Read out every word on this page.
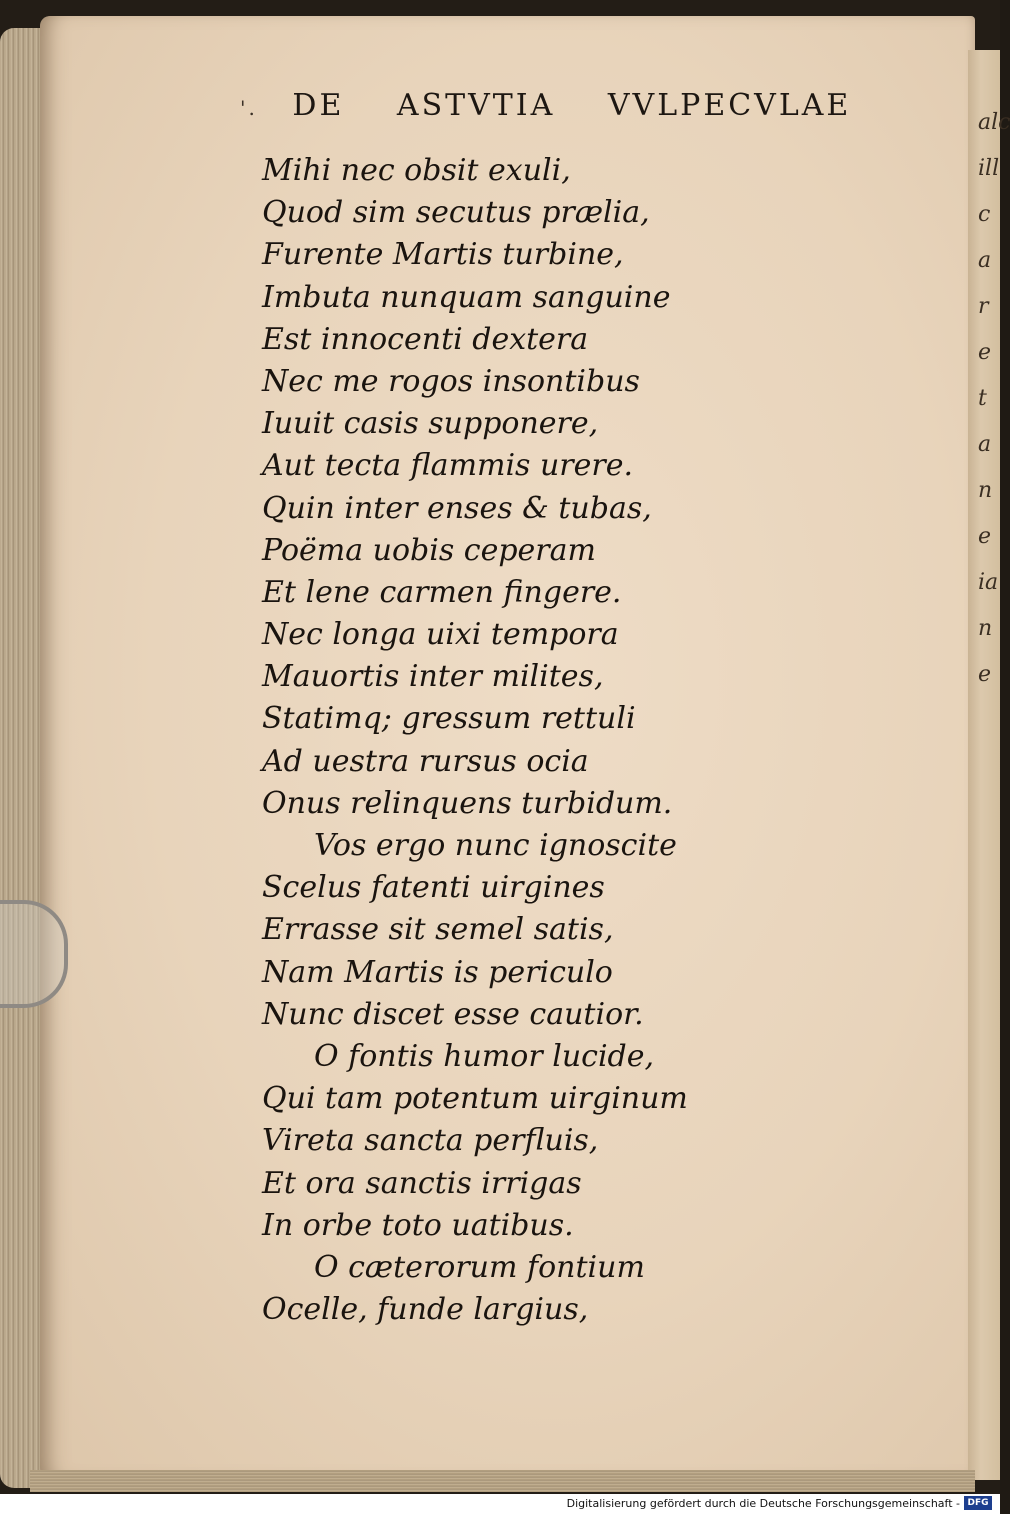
alc
ill
c
a
r
e
t
a
n
e
ia
n
e
'. DE ASTVTIA VVLPECVLAE
Mihi nec obsit exuli,
Quod sim secutus prælia,
Furente Martis turbine,
Imbuta nunquam sanguine
Est innocenti dextera
Nec me rogos insontibus
Iuuit casis supponere,
Aut tecta flammis urere.
Quin inter enses & tubas,
Poëma uobis ceperam
Et lene carmen fingere.
Nec longa uixi tempora
Mauortis inter milites,
Statimq; gressum rettuli
Ad uestra rursus ocia
Onus relinquens turbidum.
Vos ergo nunc ignoscite
Scelus fatenti uirgines
Errasse sit semel satis,
Nam Martis is periculo
Nunc discet esse cautior.
O fontis humor lucide,
Qui tam potentum uirginum
Vireta sancta perfluis,
Et ora sanctis irrigas
In orbe toto uatibus.
O cæterorum fontium
Ocelle, funde largius,
Digitalisierung gefördert durch die Deutsche Forschungsgemeinschaft - DFG
